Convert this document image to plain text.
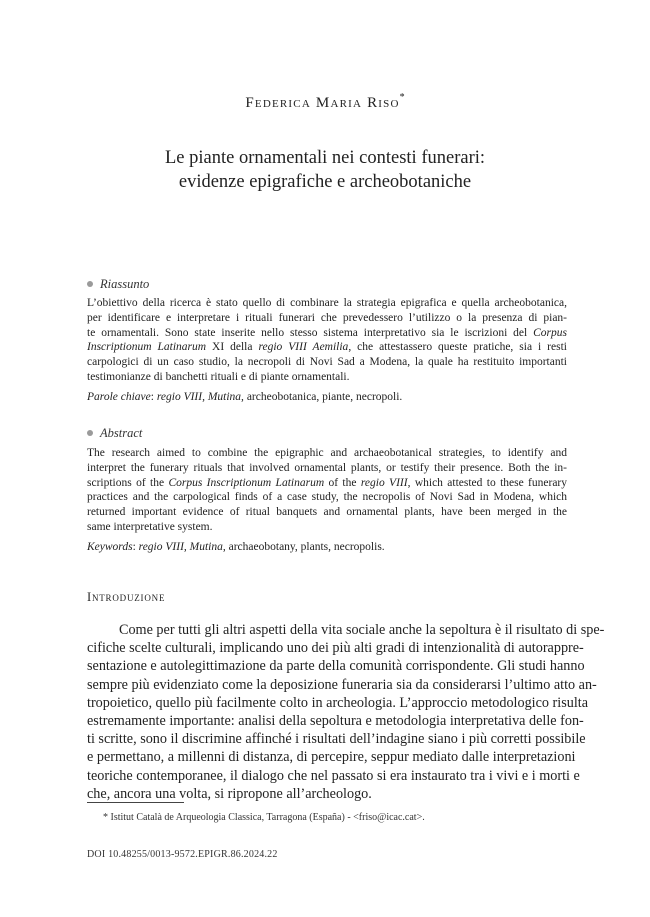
Federica Maria Riso*
Le piante ornamentali nei contesti funerari:
evidenze epigrafiche e archeobotaniche
Riassunto
L’obiettivo della ricerca è stato quello di combinare la strategia epigrafica e quella archeobotanica,
per identificare e interpretare i rituali funerari che prevedessero l’utilizzo o la presenza di pian-
te ornamentali. Sono state inserite nello stesso sistema interpretativo sia le iscrizioni del Corpus
Inscriptionum Latinarum XI della regio VIII Aemilia, che attestassero queste pratiche, sia i resti
carpologici di un caso studio, la necropoli di Novi Sad a Modena, la quale ha restituito importanti
testimonianze di banchetti rituali e di piante ornamentali.
Parole chiave: regio VIII, Mutina, archeobotanica, piante, necropoli.
Abstract
The research aimed to combine the epigraphic and archaeobotanical strategies, to identify and
interpret the funerary rituals that involved ornamental plants, or testify their presence. Both the in-
scriptions of the Corpus Inscriptionum Latinarum of the regio VIII, which attested to these funerary
practices and the carpological finds of a case study, the necropolis of Novi Sad in Modena, which
returned important evidence of ritual banquets and ornamental plants, have been merged in the
same interpretative system.
Keywords: regio VIII, Mutina, archaeobotany, plants, necropolis.
Introduzione
Come per tutti gli altri aspetti della vita sociale anche la sepoltura è il risultato di spe-
cifiche scelte culturali, implicando uno dei più alti gradi di intenzionalità di autorappre-
sentazione e autolegittimazione da parte della comunità corrispondente. Gli studi hanno
sempre più evidenziato come la deposizione funeraria sia da considerarsi l’ultimo atto an-
tropoietico, quello più facilmente colto in archeologia. L’approccio metodologico risulta
estremamente importante: analisi della sepoltura e metodologia interpretativa delle fon-
ti scritte, sono il discrimine affinché i risultati dell’indagine siano i più corretti possibile
e permettano, a millenni di distanza, di percepire, seppur mediato dalle interpretazioni
teoriche contemporanee, il dialogo che nel passato si era instaurato tra i vivi e i morti e
che, ancora una volta, si ripropone all’archeologo.
* Istitut Català de Arqueologia Classica, Tarragona (España) - <friso@icac.cat>.
DOI 10.48255/0013-9572.EPIGR.86.2024.22
